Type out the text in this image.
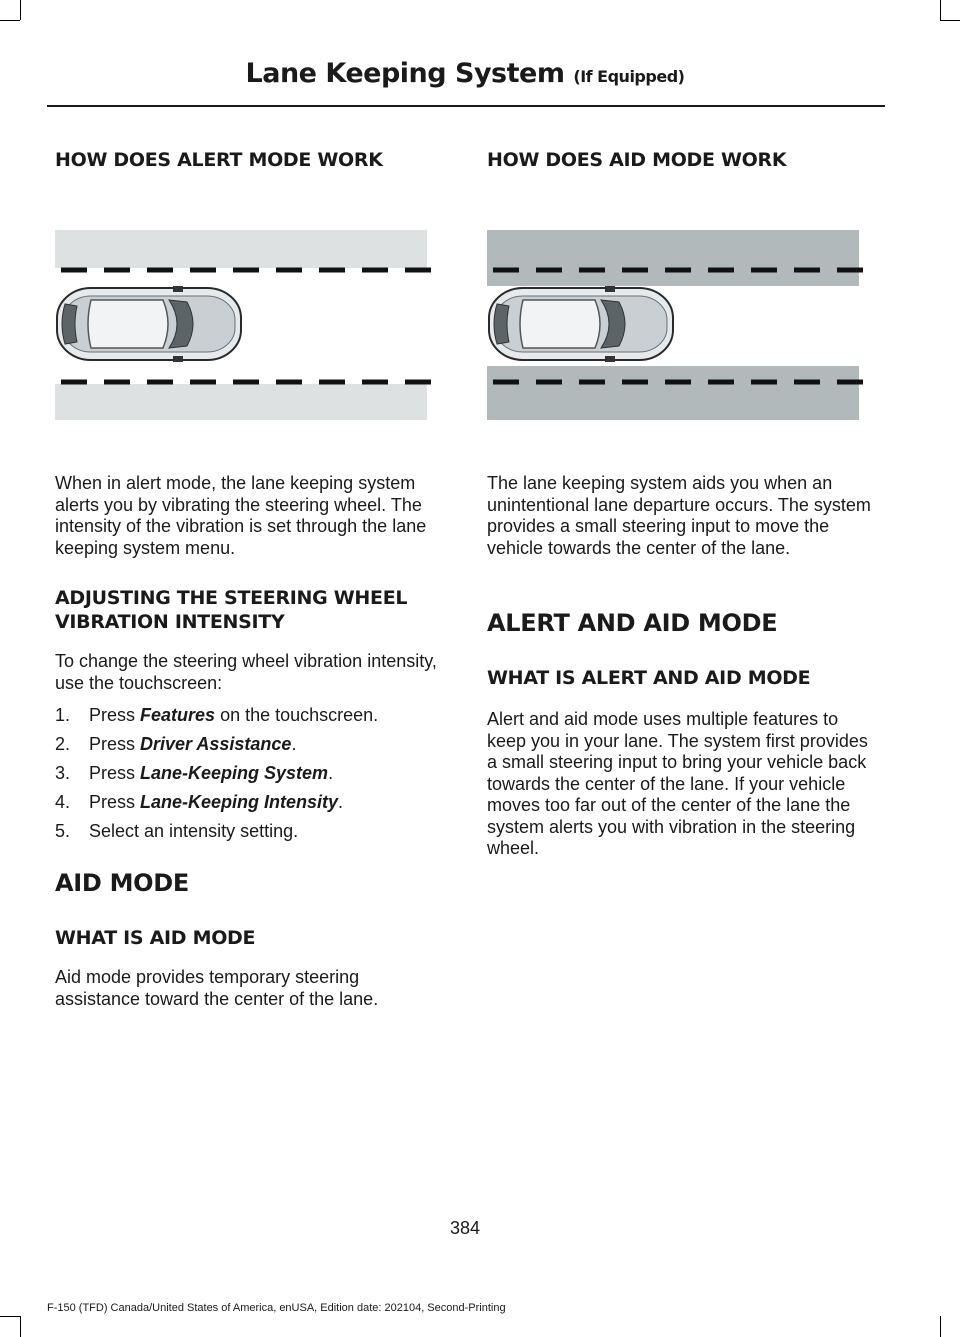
Lane Keeping System (If Equipped)
HOW DOES ALERT MODE WORK

When in alert mode, the lane keeping system alerts you by vibrating the steering wheel. The intensity of the vibration is set through the lane keeping system menu.

ADJUSTING THE STEERING WHEEL VIBRATION INTENSITY

To change the steering wheel vibration intensity, use the touchscreen:

1. Press Features on the touchscreen.
2. Press Driver Assistance.
3. Press Lane-Keeping System.
4. Press Lane-Keeping Intensity.
5. Select an intensity setting.
AID MODE
WHAT IS AID MODE

Aid mode provides temporary steering assistance toward the center of the lane.

HOW DOES AID MODE WORK

The lane keeping system aids you when an unintentional lane departure occurs. The system provides a small steering input to move the vehicle towards the center of the lane.

ALERT AND AID MODE
WHAT IS ALERT AND AID MODE

Alert and aid mode uses multiple features to keep you in your lane. The system first provides a small steering input to bring your vehicle back towards the center of the lane. If your vehicle moves too far out of the center of the lane the system alerts you with vibration in the steering wheel.

384
F-150 (TFD) Canada/United States of America, enUSA, Edition date: 202104, Second-Printing
